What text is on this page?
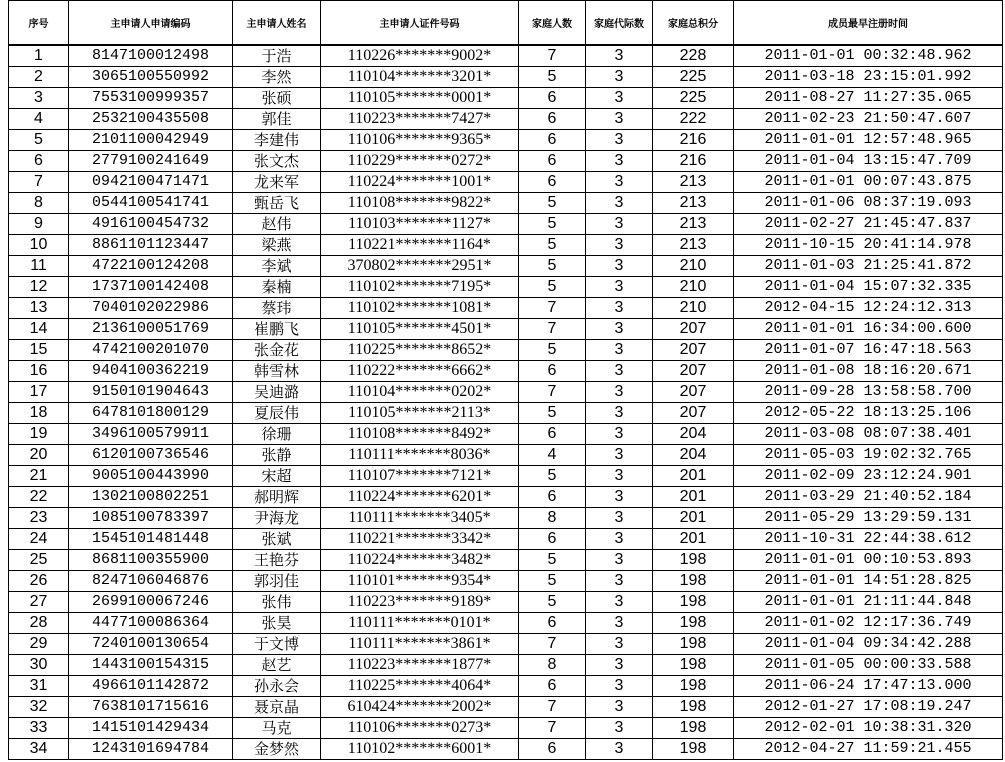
序号	主申请人申请编码	主申请人姓名	主申请人证件号码	家庭人数	家庭代际数	家庭总积分	成员最早注册时间
1	8147100012498	于浩	110226*******9002*	7	3	228	2011-01-01 00:32:48.962
2	3065100550992	李然	110104*******3201*	5	3	225	2011-03-18 23:15:01.992
3	7553100999357	张硕	110105*******0001*	6	3	225	2011-08-27 11:27:35.065
4	2532100435508	郭佳	110223*******7427*	6	3	222	2011-02-23 21:50:47.607
5	2101100042949	李建伟	110106*******9365*	6	3	216	2011-01-01 12:57:48.965
6	2779100241649	张文杰	110229*******0272*	6	3	216	2011-01-04 13:15:47.709
7	0942100471471	龙来军	110224*******1001*	6	3	213	2011-01-01 00:07:43.875
8	0544100541741	甄岳飞	110108*******9822*	5	3	213	2011-01-06 08:37:19.093
9	4916100454732	赵伟	110103*******1127*	5	3	213	2011-02-27 21:45:47.837
10	8861101123447	梁燕	110221*******1164*	5	3	213	2011-10-15 20:41:14.978
11	4722100124208	李斌	370802*******2951*	5	3	210	2011-01-03 21:25:41.872
12	1737100142408	秦楠	110102*******7195*	5	3	210	2011-01-04 15:07:32.335
13	7040102022986	蔡玮	110102*******1081*	7	3	210	2012-04-15 12:24:12.313
14	2136100051769	崔鹏飞	110105*******4501*	7	3	207	2011-01-01 16:34:00.600
15	4742100201070	张金花	110225*******8652*	5	3	207	2011-01-07 16:47:18.563
16	9404100362219	韩雪林	110222*******6662*	6	3	207	2011-01-08 18:16:20.671
17	9150101904643	吴迪潞	110104*******0202*	7	3	207	2011-09-28 13:58:58.700
18	6478101800129	夏辰伟	110105*******2113*	5	3	207	2012-05-22 18:13:25.106
19	3496100579911	徐珊	110108*******8492*	6	3	204	2011-03-08 08:07:38.401
20	6120100736546	张静	110111*******8036*	4	3	204	2011-05-03 19:02:32.765
21	9005100443990	宋超	110107*******7121*	5	3	201	2011-02-09 23:12:24.901
22	1302100802251	郝明辉	110224*******6201*	6	3	201	2011-03-29 21:40:52.184
23	1085100783397	尹海龙	110111*******3405*	8	3	201	2011-05-29 13:29:59.131
24	1545101481448	张斌	110221*******3342*	6	3	201	2011-10-31 22:44:38.612
25	8681100355900	王艳芬	110224*******3482*	5	3	198	2011-01-01 00:10:53.893
26	8247106046876	郭羽佳	110101*******9354*	5	3	198	2011-01-01 14:51:28.825
27	2699100067246	张伟	110223*******9189*	5	3	198	2011-01-01 21:11:44.848
28	4477100086364	张昊	110111*******0101*	6	3	198	2011-01-02 12:17:36.749
29	7240100130654	于文博	110111*******3861*	7	3	198	2011-01-04 09:34:42.288
30	1443100154315	赵艺	110223*******1877*	8	3	198	2011-01-05 00:00:33.588
31	4966101142872	孙永会	110225*******4064*	6	3	198	2011-06-24 17:47:13.000
32	7638101715616	聂京晶	610424*******2002*	7	3	198	2012-01-27 17:08:19.247
33	1415101429434	马克	110106*******0273*	7	3	198	2012-02-01 10:38:31.320
34	1243101694784	金梦然	110102*******6001*	6	3	198	2012-04-27 11:59:21.455
